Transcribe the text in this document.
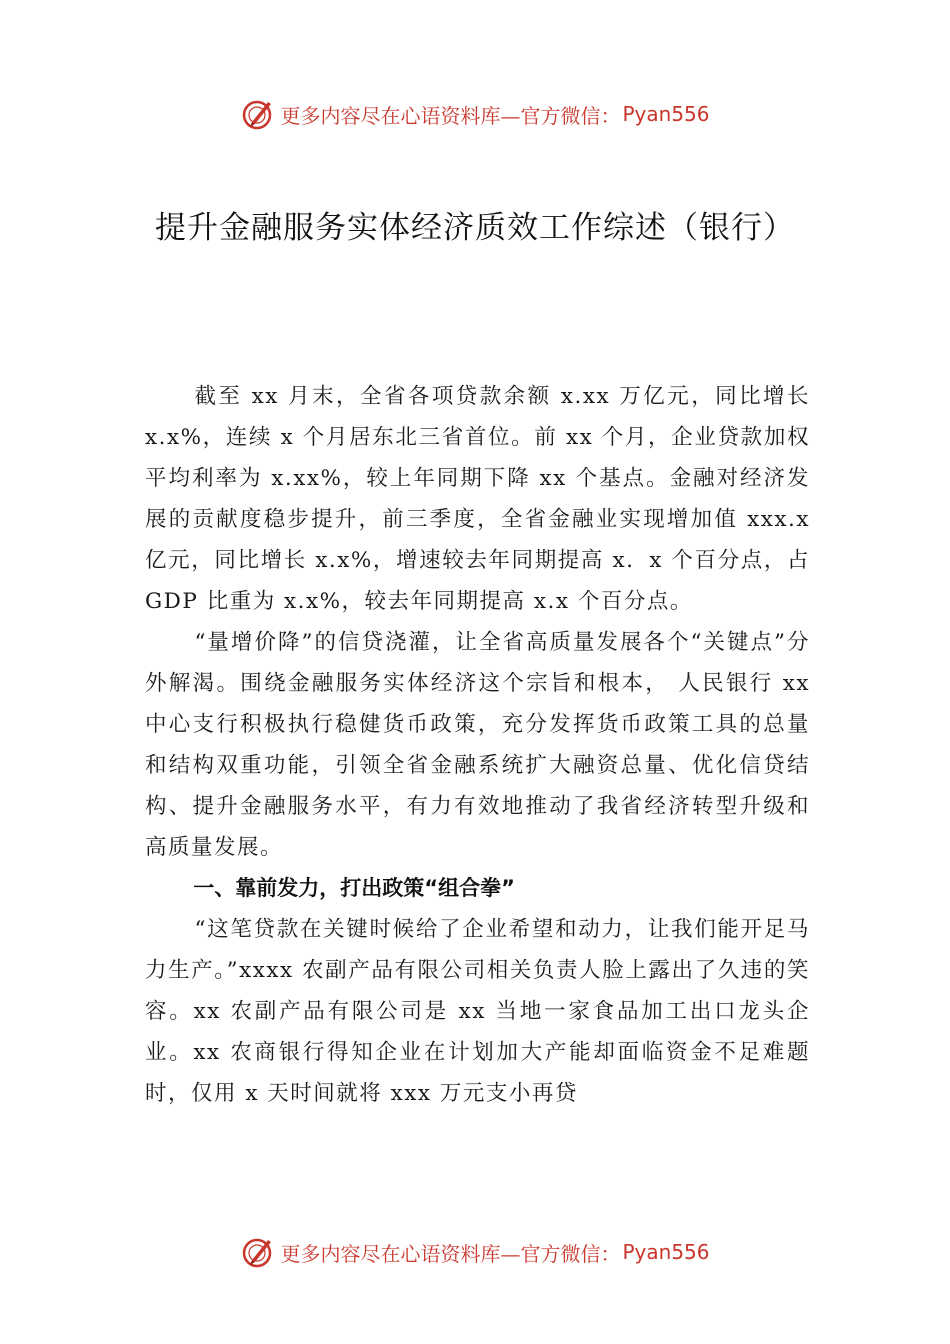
更多内容尽在心语资料库—官方微信： Pyan556
提升金融服务实体经济质效工作综述（银行）

截至 xx 月末，全省各项贷款余额 x.xx 万亿元，同比增长 x.x%，连续 x 个月居东北三省首位。前 xx 个月，企业贷款加权平均利率为 x.xx%，较上年同期下降 xx 个基点。金融对经济发展的贡献度稳步提升，前三季度，全省金融业实现增加值 xxx.x 亿元，同比增长 x.x%，增速较去年同期提高 x．x 个百分点，占 GDP 比重为 x.x%，较去年同期提高 x.x 个百分点。

“量增价降”的信贷浇灌，让全省高质量发展各个“关键点”分外解渴。围绕金融服务实体经济这个宗旨和根本， 人民银行 xx 中心支行积极执行稳健货币政策，充分发挥货币政策工具的总量和结构双重功能，引领全省金融系统扩大融资总量、优化信贷结构、提升金融服务水平，有力有效地推动了我省经济转型升级和高质量发展。

一、靠前发力，打出政策“组合拳”

“这笔贷款在关键时候给了企业希望和动力，让我们能开足马力生产。”xxxx 农副产品有限公司相关负责人脸上露出了久违的笑容。xx 农副产品有限公司是 xx 当地一家食品加工出口龙头企业。xx 农商银行得知企业在计划加大产能却面临资金不足难题时，仅用 x 天时间就将 xxx 万元支小再贷

更多内容尽在心语资料库—官方微信： Pyan556
